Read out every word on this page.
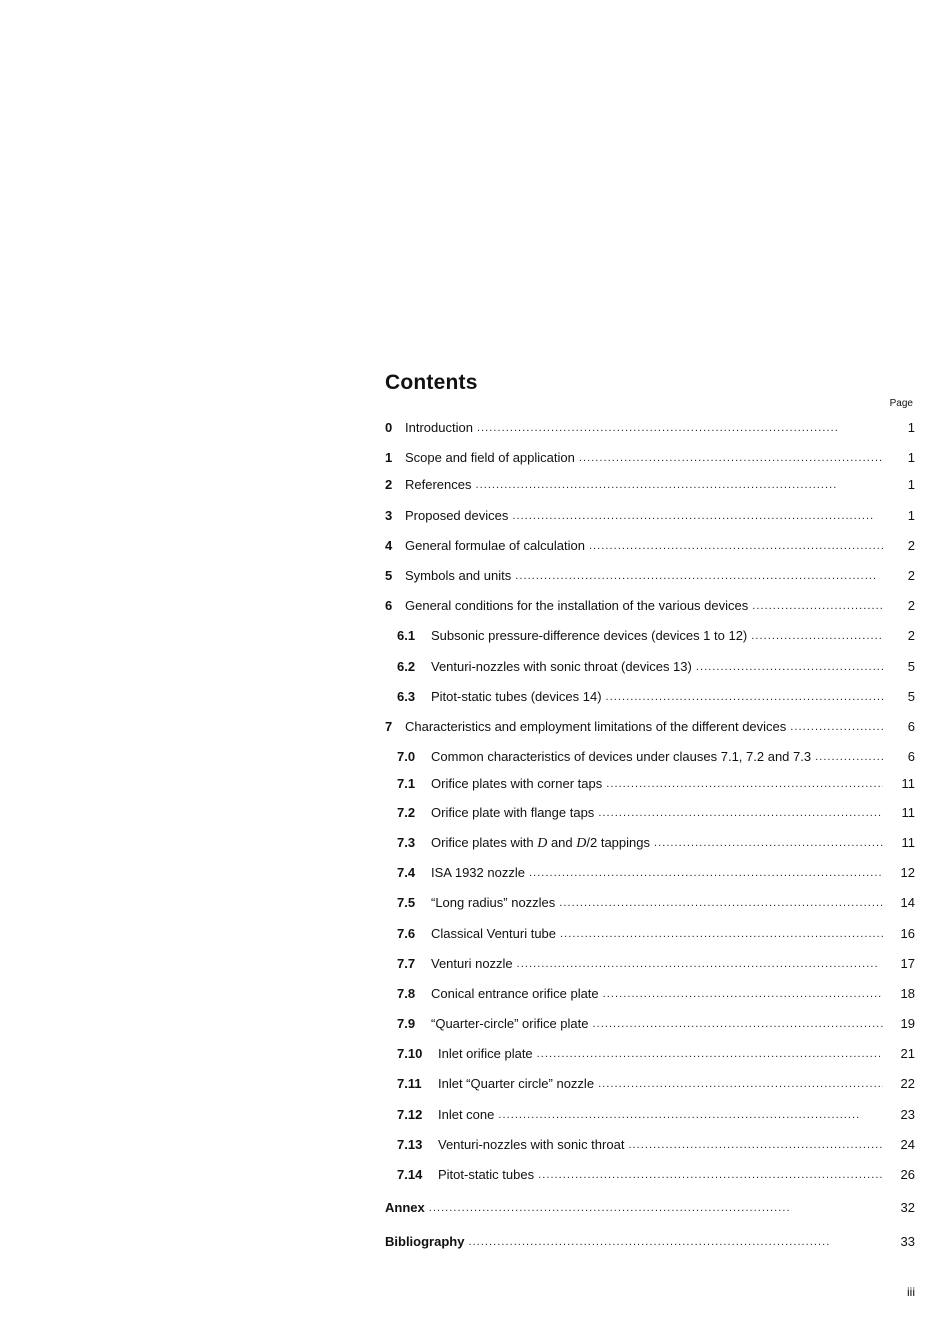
Contents
Page
0 Introduction . . .	1
1 Scope and field of application . . .	1
2 References . . .	1
3 Proposed devices . . .	1
4 General formulae of calculation . . .	2
5 Symbols and units . . .	2
6 General conditions for the installation of the various devices . . .	2
6.1	Subsonic pressure-difference devices (devices 1 to 12) . . .	2
6.2	Venturi-nozzles with sonic throat (devices 13) . . .	5
6.3	Pitot-static tubes (devices 14) . . .	5
7 Characteristics and employment limitations of the different devices . . .	6
7.0	Common characteristics of devices under clauses 7.1, 7.2 and 7.3 . . .	6
7.1	Orifice plates with corner taps . . .	11
7.2	Orifice plate with flange taps . . .	11
7.3	Orifice plates with D and D/2 tappings . . .	11
7.4	ISA 1932 nozzle . . .	12
7.5	“Long radius” nozzles . . .	14
7.6	Classical Venturi tube . . .	16
7.7	Venturi nozzle . . .	17
7.8	Conical entrance orifice plate . . .	18
7.9	“Quarter-circle” orifice plate . . .	19
7.10	Inlet orifice plate . . .	21
7.11	Inlet “Quarter circle” nozzle . . .	22
7.12	Inlet cone . . .	23
7.13	Venturi-nozzles with sonic throat . . .	24
7.14	Pitot-static tubes . . .	26
Annex . . .	32
Bibliography . . .	33
iii
